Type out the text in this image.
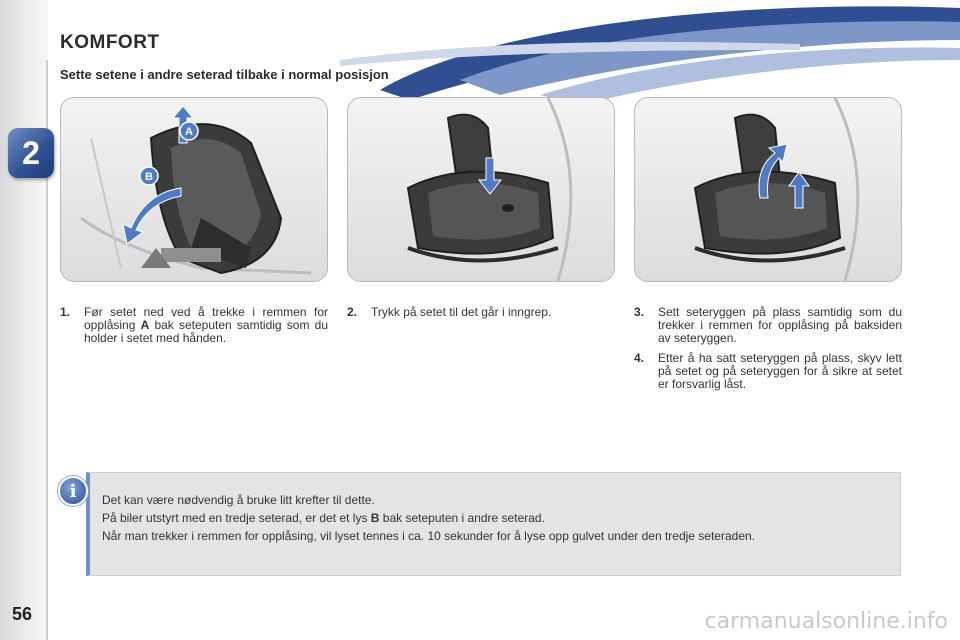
2
KOMFORT
Sette setene i andre seterad tilbake i normal posisjon
A
B
1.	Før setet ned ved å trekke i remmen for opplåsing A bak seteputen samtidig som du holder i setet med hånden.
2.	Trykk på setet til det går i inngrep.	3.	Sett seteryggen på plass samtidig som du trekker i remmen for opplåsing på baksiden av seteryggen.
4.	Etter å ha satt seteryggen på plass, skyv lett på setet og på seteryggen for å sikre at setet er forsvarlig låst.
i	Det kan være nødvendig å bruke litt krefter til dette.

På biler utstyrt med en tredje seterad, er det et lys B bak seteputen i andre seterad.

Når man trekker i remmen for opplåsing, vil lyset tennes i ca. 10 sekunder for å lyse opp gulvet under den tredje seteraden.

56	carmanualsonline.info
